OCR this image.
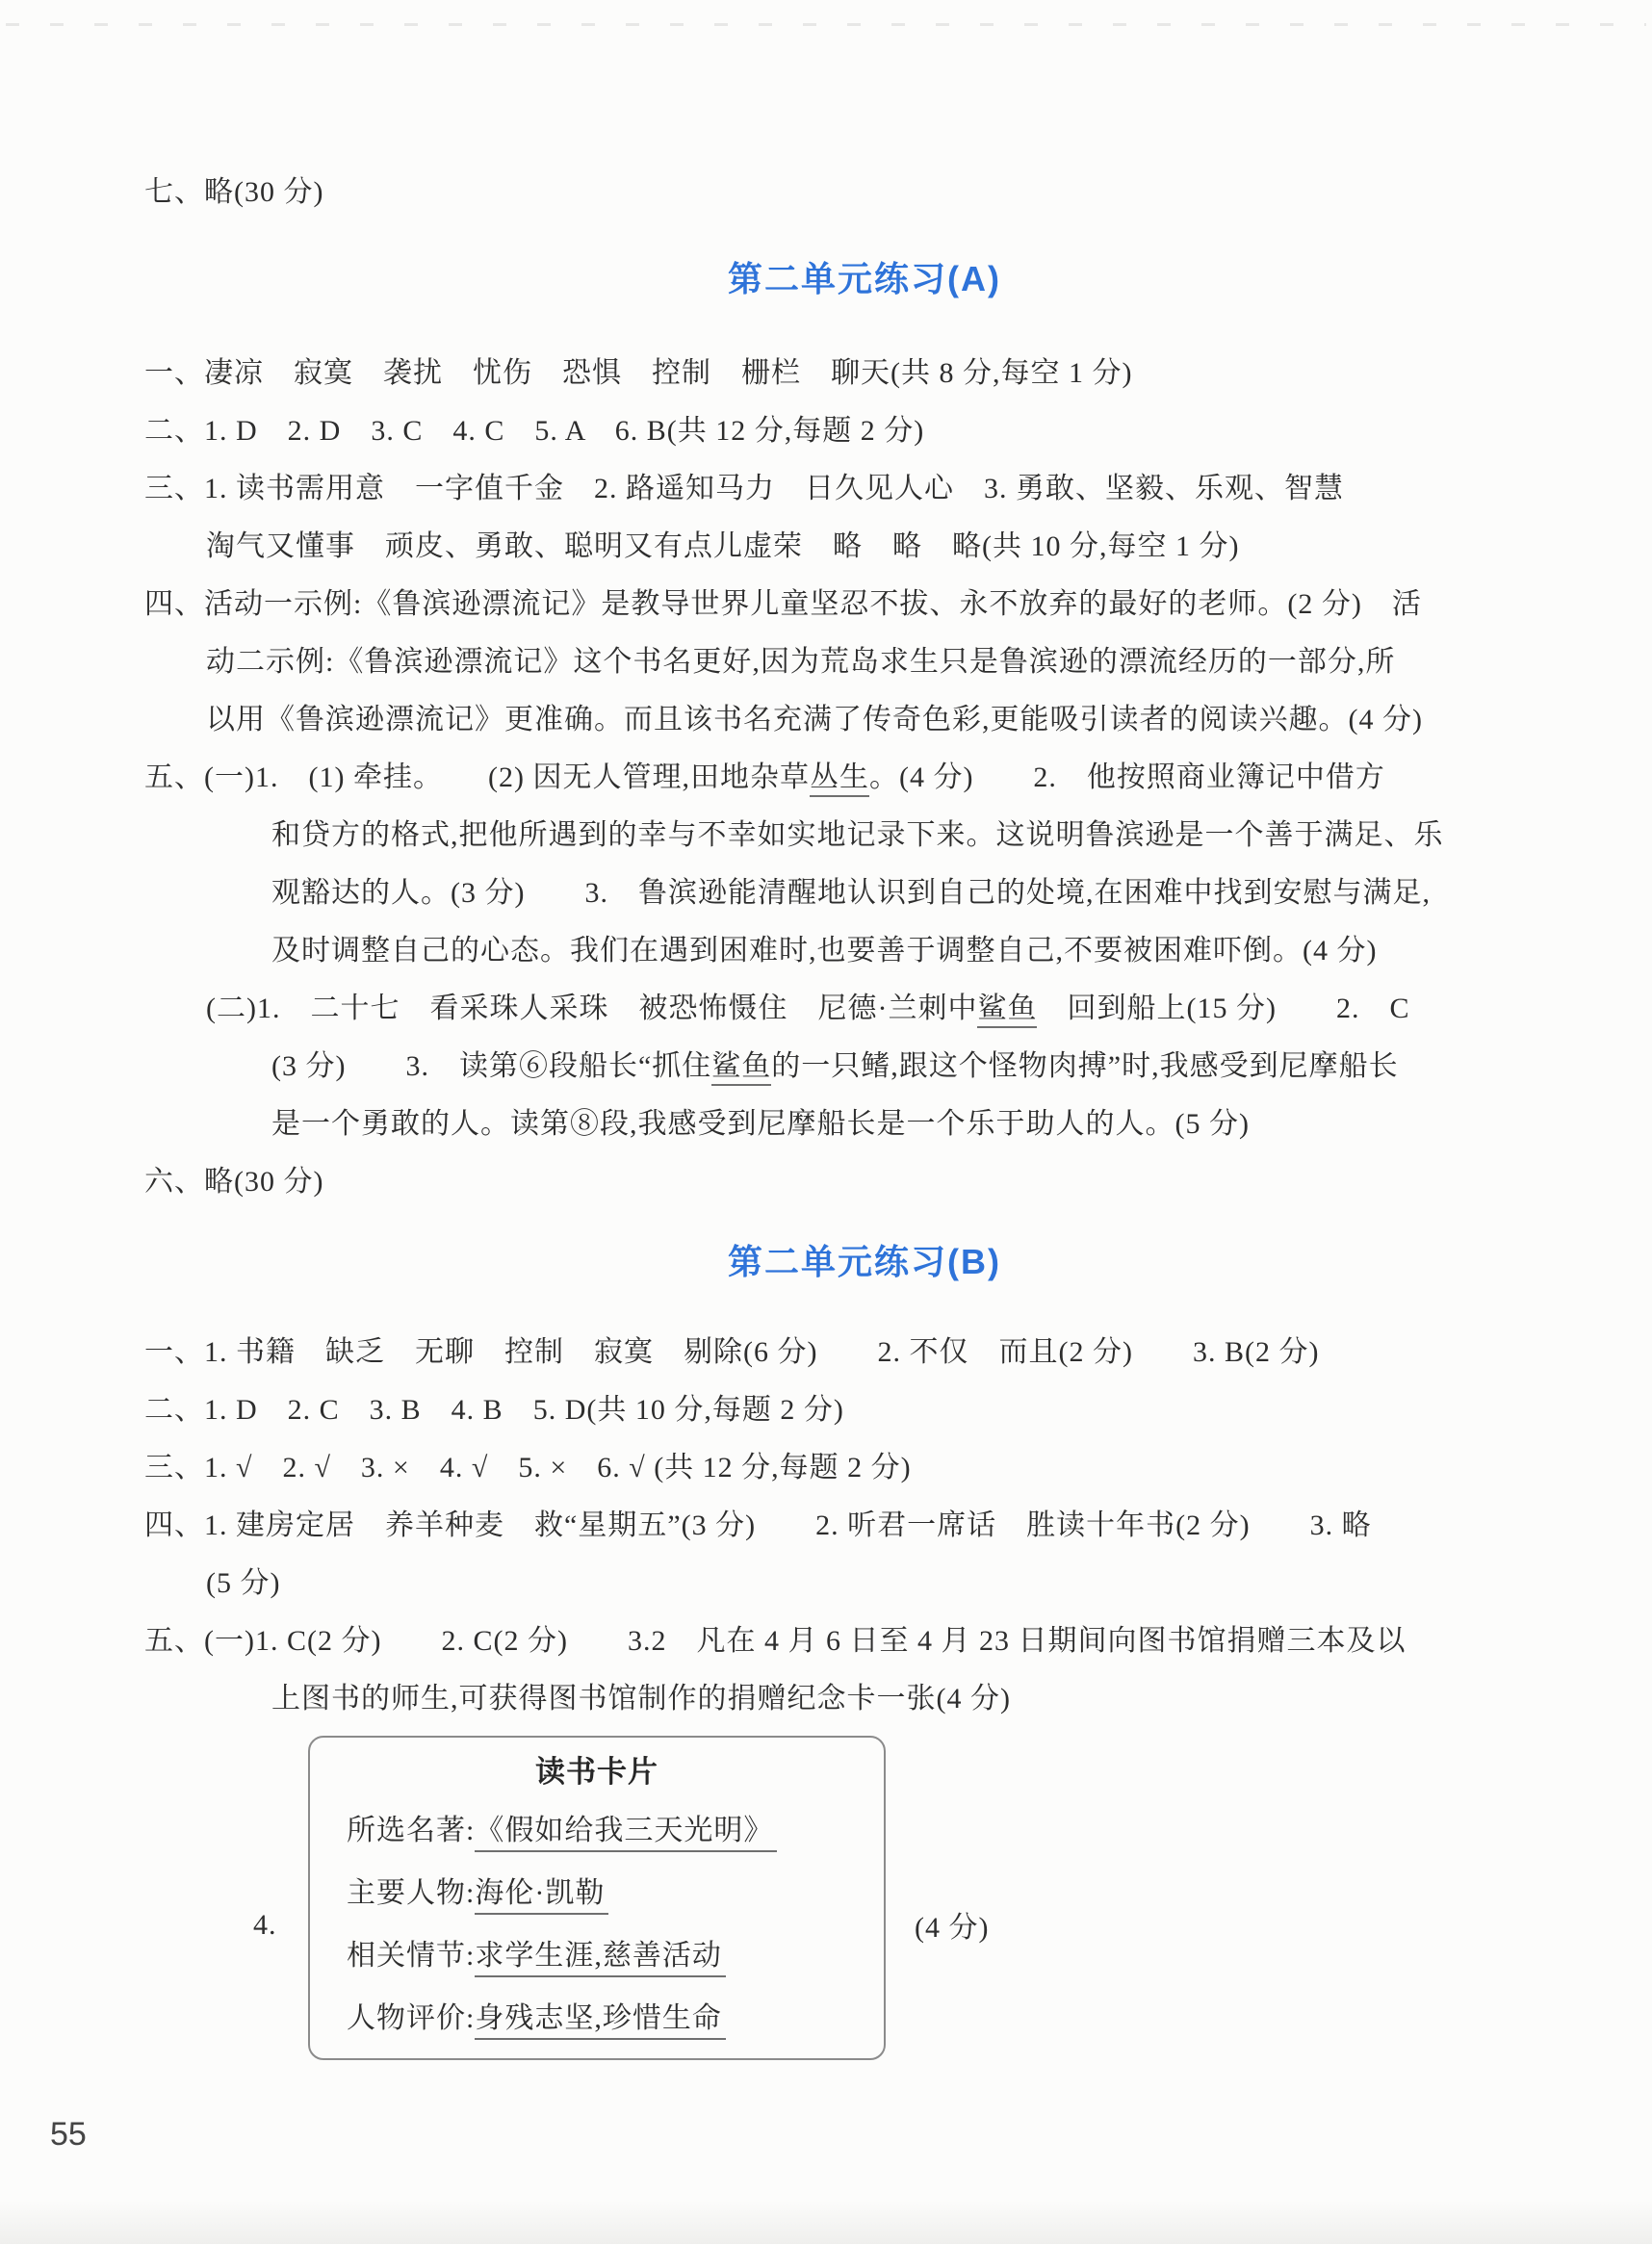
七、略(30 分)
第二单元练习(A)
一、凄凉　寂寞　袭扰　忧伤　恐惧　控制　栅栏　聊天(共 8 分,每空 1 分)
二、1. D　2. D　3. C　4. C　5. A　6. B(共 12 分,每题 2 分)
三、1. 读书需用意　一字值千金　2. 路遥知马力　日久见人心　3. 勇敢、坚毅、乐观、智慧
淘气又懂事　顽皮、勇敢、聪明又有点儿虚荣　略　略　略(共 10 分,每空 1 分)
四、活动一示例:《鲁滨逊漂流记》是教导世界儿童坚忍不拔、永不放弃的最好的老师。(2 分)　活
动二示例:《鲁滨逊漂流记》这个书名更好,因为荒岛求生只是鲁滨逊的漂流经历的一部分,所
以用《鲁滨逊漂流记》更准确。而且该书名充满了传奇色彩,更能吸引读者的阅读兴趣。(4 分)
五、(一)1.　(1) 牵挂。　　(2) 因无人管理,田地杂草丛生。(4 分)　　2.　他按照商业簿记中借方
和贷方的格式,把他所遇到的幸与不幸如实地记录下来。这说明鲁滨逊是一个善于满足、乐
观豁达的人。(3 分)　　3.　鲁滨逊能清醒地认识到自己的处境,在困难中找到安慰与满足,
及时调整自己的心态。我们在遇到困难时,也要善于调整自己,不要被困难吓倒。(4 分)
(二)1.　二十七　看采珠人采珠　被恐怖慑住　尼德·兰刺中鲨鱼　回到船上(15 分)　　2.　C
(3 分)　　3.　读第⑥段船长“抓住鲨鱼的一只鳍,跟这个怪物肉搏”时,我感受到尼摩船长
是一个勇敢的人。读第⑧段,我感受到尼摩船长是一个乐于助人的人。(5 分)
六、略(30 分)
第二单元练习(B)
一、1. 书籍　缺乏　无聊　控制　寂寞　剔除(6 分)　　2. 不仅　而且(2 分)　　3. B(2 分)
二、1. D　2. C　3. B　4. B　5. D(共 10 分,每题 2 分)
三、1. √　2. √　3. ×　4. √　5. ×　6. √ (共 12 分,每题 2 分)
四、1. 建房定居　养羊种麦　救“星期五”(3 分)　　2. 听君一席话　胜读十年书(2 分)　　3. 略
(5 分)
五、(一)1. C(2 分)　　2. C(2 分)　　3.2　凡在 4 月 6 日至 4 月 23 日期间向图书馆捐赠三本及以
上图书的师生,可获得图书馆制作的捐赠纪念卡一张(4 分)
4.
读书卡片
所选名著:《假如给我三天光明》
主要人物:海伦·凯勒
相关情节:求学生涯,慈善活动
人物评价:身残志坚,珍惜生命
(4 分)
55
